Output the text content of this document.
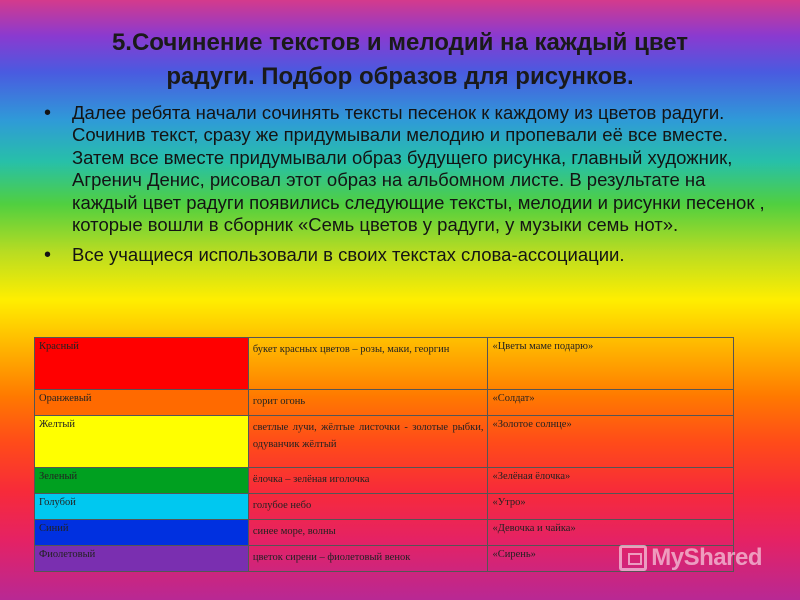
5.Сочинение текстов и мелодий на каждый цвет
радуги. Подбор образов для рисунков.
• Далее ребята начали сочинять тексты песенок к каждому из цветов радуги. Сочинив текст, сразу же придумывали мелодию и пропевали её все вместе. Затем все вместе придумывали образ будущего рисунка, главный художник, Агренич Денис, рисовал этот образ на альбомном листе. В результате на каждый цвет радуги появились следующие тексты, мелодии и рисунки песенок , которые вошли в сборник «Семь цветов у радуги, у музыки семь нот».
• Все учащиеся использовали в своих текстах слова-ассоциации.
Красный	букет красных цветов – розы, маки, георгин	«Цветы маме подарю»
Оранжевый	горит огонь	«Солдат»
Желтый	светлые лучи, жёлтые листочки - золотые рыбки, одуванчик жёлтый	«Золотое солнце»
Зеленый	ёлочка – зелёная иголочка	«Зелёная ёлочка»
Голубой	голубое небо	«Утро»
Синий	синее море, волны	«Девочка и чайка»
Фиолетовый	цветок сирени – фиолетовый венок	«Сирень»	MyShared
